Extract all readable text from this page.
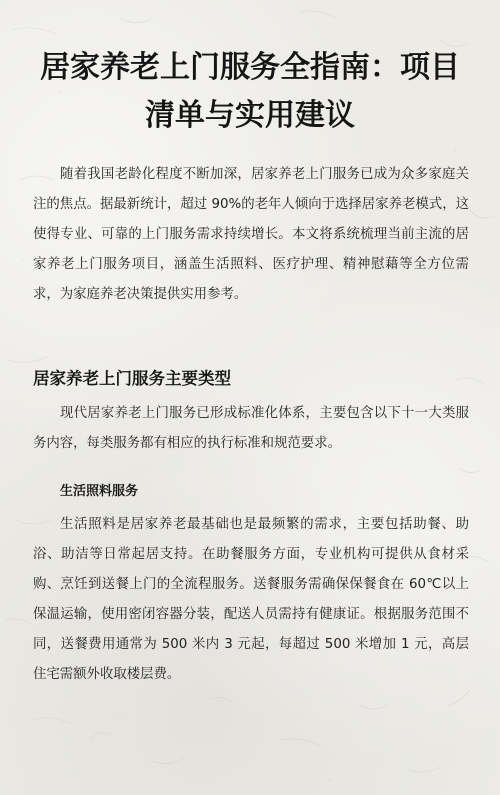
居家养老上门服务全指南：项目清单与实用建议

随着我国老龄化程度不断加深，居家养老上门服务已成为众多家庭关注的焦点。据最新统计，超过 90%的老年人倾向于选择居家养老模式，这使得专业、可靠的上门服务需求持续增长。本文将系统梳理当前主流的居家养老上门服务项目，涵盖生活照料、医疗护理、精神慰藉等全方位需求，为家庭养老决策提供实用参考。

居家养老上门服务主要类型

现代居家养老上门服务已形成标准化体系，主要包含以下十一大类服务内容，每类服务都有相应的执行标准和规范要求。

生活照料服务

生活照料是居家养老最基础也是最频繁的需求，主要包括助餐、助浴、助洁等日常起居支持。在助餐服务方面，专业机构可提供从食材采购、烹饪到送餐上门的全流程服务。送餐服务需确保保餐食在 60℃以上保温运输，使用密闭容器分装，配送人员需持有健康证。根据服务范围不同，送餐费用通常为 500 米内 3 元起，每超过 500 米增加 1 元，高层住宅需额外收取楼层费。
